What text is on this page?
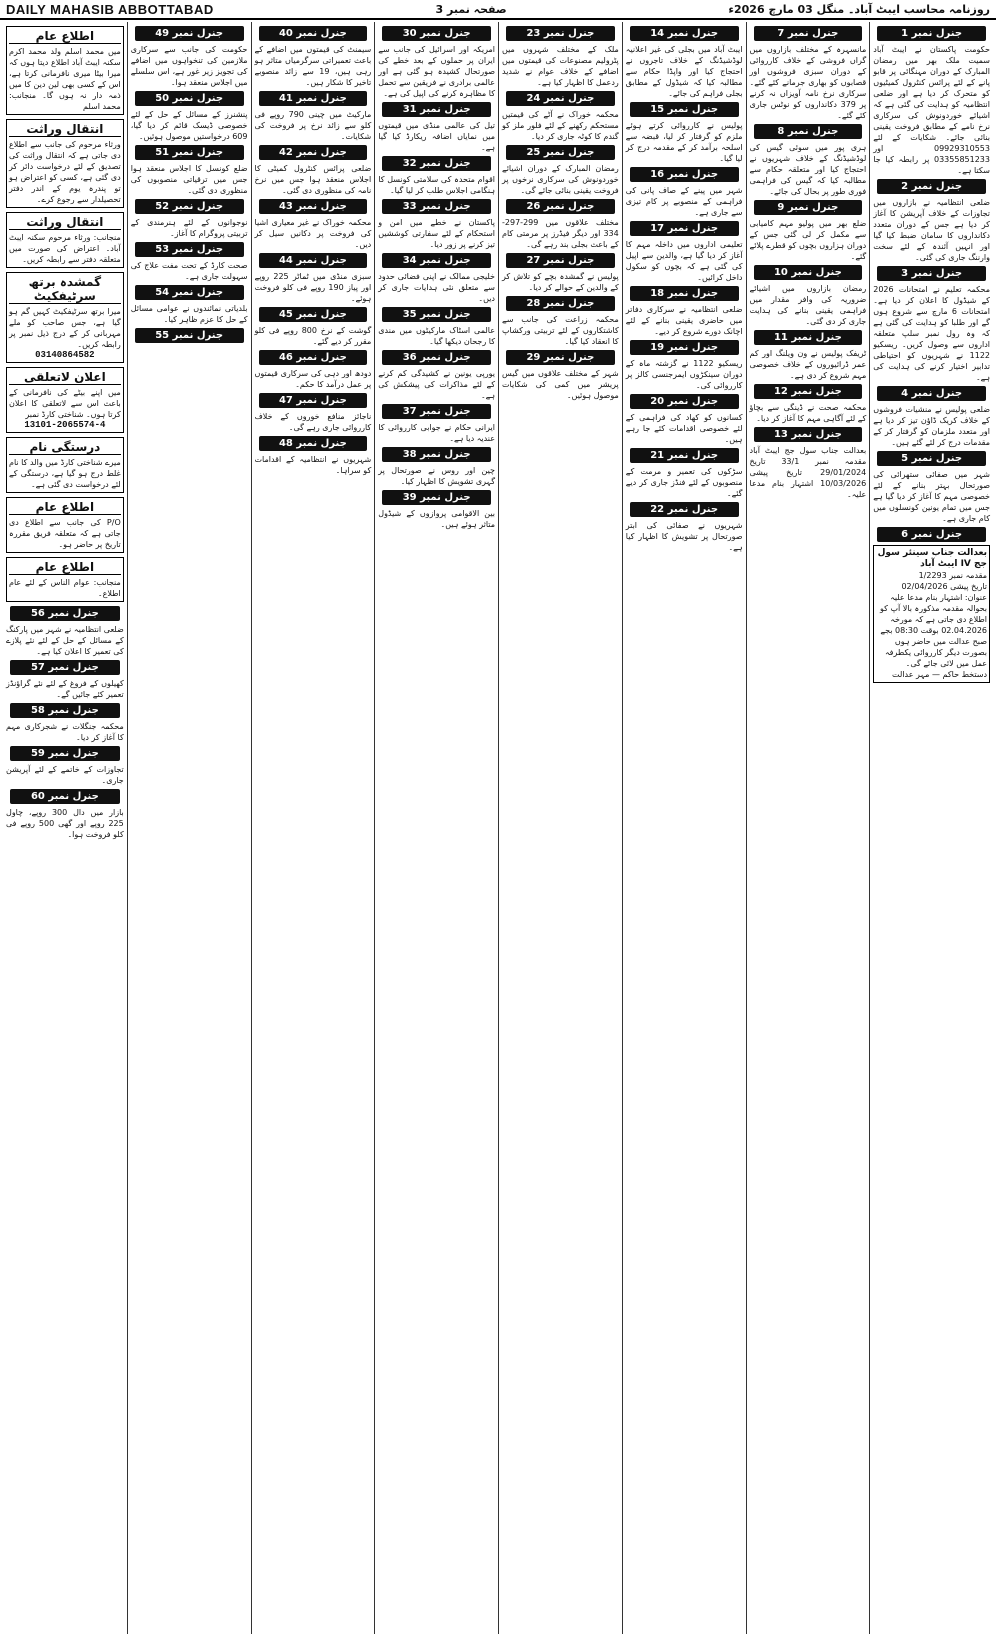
DAILY MAHASIB ABBOTTABAD	صفحہ نمبر 3	روزنامہ محاسب ایبٹ آباد۔ منگل 03 مارچ 2026ء
جنرل نمبر 1
حکومت پاکستان نے ایبٹ آباد سمیت ملک بھر میں رمضان المبارک کے دوران مہنگائی پر قابو پانے کے لئے پرائس کنٹرول کمیٹیوں کو متحرک کر دیا ہے اور ضلعی انتظامیہ کو ہدایت کی گئی ہے کہ اشیائے خوردونوش کی سرکاری نرخ نامے کے مطابق فروخت یقینی بنائی جائے۔ شکایات کے لئے 09929310553 اور 03355851233 پر رابطہ کیا جا سکتا ہے۔
جنرل نمبر 2
ضلعی انتظامیہ نے بازاروں میں تجاوزات کے خلاف آپریشن کا آغاز کر دیا ہے جس کے دوران متعدد دکانداروں کا سامان ضبط کیا گیا اور انہیں آئندہ کے لئے سخت وارننگ جاری کی گئی۔
جنرل نمبر 3
محکمہ تعلیم نے امتحانات 2026 کے شیڈول کا اعلان کر دیا ہے۔ امتحانات 6 مارچ سے شروع ہوں گے اور طلبا کو ہدایت کی گئی ہے کہ وہ رول نمبر سلپ متعلقہ اداروں سے وصول کریں۔ ریسکیو 1122 نے شہریوں کو احتیاطی تدابیر اختیار کرنے کی ہدایت کی ہے۔
جنرل نمبر 4
ضلعی پولیس نے منشیات فروشوں کے خلاف کریک ڈاؤن تیز کر دیا ہے اور متعدد ملزمان کو گرفتار کر کے مقدمات درج کر لئے گئے ہیں۔
جنرل نمبر 5
شہر میں صفائی ستھرائی کی صورتحال بہتر بنانے کے لئے خصوصی مہم کا آغاز کر دیا گیا ہے جس میں تمام یونین کونسلوں میں کام جاری ہے۔
جنرل نمبر 6
بعدالت جناب سینئر سول جج IV ایبٹ آباد
مقدمہ نمبر 1/2293
تاریخ پیشی 02/04/2026
عنوان: اشتہار بنام مدعا علیہ
بحوالہ مقدمہ مذکورہ بالا آپ کو اطلاع دی جاتی ہے کہ مورخہ 02.04.2026 بوقت 08:30 بجے صبح عدالت میں حاضر ہوں بصورت دیگر کارروائی یکطرفہ عمل میں لائی جائے گی۔
دستخط حاکم — مہر عدالت
جنرل نمبر 7
مانسہرہ کے مختلف بازاروں میں گراں فروشی کے خلاف کارروائی کے دوران سبزی فروشوں اور قصابوں کو بھاری جرمانے کئے گئے۔ سرکاری نرخ نامہ آویزاں نہ کرنے پر 379 دکانداروں کو نوٹس جاری کئے گئے۔
جنرل نمبر 8
ہری پور میں سوئی گیس کی لوڈشیڈنگ کے خلاف شہریوں نے احتجاج کیا اور متعلقہ حکام سے مطالبہ کیا کہ گیس کی فراہمی فوری طور پر بحال کی جائے۔
جنرل نمبر 9
ضلع بھر میں پولیو مہم کامیابی سے مکمل کر لی گئی جس کے دوران ہزاروں بچوں کو قطرے پلائے گئے۔
جنرل نمبر 10
رمضان بازاروں میں اشیائے ضروریہ کی وافر مقدار میں فراہمی یقینی بنانے کی ہدایت جاری کر دی گئی۔
جنرل نمبر 11
ٹریفک پولیس نے ون ویلنگ اور کم عمر ڈرائیوروں کے خلاف خصوصی مہم شروع کر دی ہے۔
جنرل نمبر 12
محکمہ صحت نے ڈینگی سے بچاؤ کے لئے آگاہی مہم کا آغاز کر دیا۔
جنرل نمبر 13
بعدالت جناب سول جج ایبٹ آباد مقدمہ نمبر 33/1 تاریخ 29/01/2024 تاریخ پیشی 10/03/2026 اشتہار بنام مدعا علیہ۔
جنرل نمبر 14
ایبٹ آباد میں بجلی کی غیر اعلانیہ لوڈشیڈنگ کے خلاف تاجروں نے احتجاج کیا اور واپڈا حکام سے مطالبہ کیا کہ شیڈول کے مطابق بجلی فراہم کی جائے۔
جنرل نمبر 15
پولیس نے کارروائی کرتے ہوئے ملزم کو گرفتار کر لیا، قبضہ سے اسلحہ برآمد کر کے مقدمہ درج کر لیا گیا۔
جنرل نمبر 16
شہر میں پینے کے صاف پانی کی فراہمی کے منصوبے پر کام تیزی سے جاری ہے۔
جنرل نمبر 17
تعلیمی اداروں میں داخلہ مہم کا آغاز کر دیا گیا ہے، والدین سے اپیل کی گئی ہے کہ بچوں کو سکول داخل کرائیں۔
جنرل نمبر 18
ضلعی انتظامیہ نے سرکاری دفاتر میں حاضری یقینی بنانے کے لئے اچانک دورے شروع کر دیے۔
جنرل نمبر 19
ریسکیو 1122 نے گزشتہ ماہ کے دوران سینکڑوں ایمرجنسی کالز پر کارروائی کی۔
جنرل نمبر 20
کسانوں کو کھاد کی فراہمی کے لئے خصوصی اقدامات کئے جا رہے ہیں۔
جنرل نمبر 21
سڑکوں کی تعمیر و مرمت کے منصوبوں کے لئے فنڈز جاری کر دیے گئے۔
جنرل نمبر 22
شہریوں نے صفائی کی ابتر صورتحال پر تشویش کا اظہار کیا ہے۔
جنرل نمبر 23
ملک کے مختلف شہروں میں پٹرولیم مصنوعات کی قیمتوں میں اضافے کے خلاف عوام نے شدید ردعمل کا اظہار کیا ہے۔
جنرل نمبر 24
محکمہ خوراک نے آٹے کی قیمتیں مستحکم رکھنے کے لئے فلور ملز کو گندم کا کوٹہ جاری کر دیا۔
جنرل نمبر 25
رمضان المبارک کے دوران اشیائے خوردونوش کی سرکاری نرخوں پر فروخت یقینی بنائی جائے گی۔
جنرل نمبر 26
مختلف علاقوں میں 299-297-334 اور دیگر فیڈرز پر مرمتی کام کے باعث بجلی بند رہے گی۔
جنرل نمبر 27
پولیس نے گمشدہ بچے کو تلاش کر کے والدین کے حوالے کر دیا۔
جنرل نمبر 28
محکمہ زراعت کی جانب سے کاشتکاروں کے لئے تربیتی ورکشاپ کا انعقاد کیا گیا۔
جنرل نمبر 29
شہر کے مختلف علاقوں میں گیس پریشر میں کمی کی شکایات موصول ہوئیں۔
جنرل نمبر 30
امریکہ اور اسرائیل کی جانب سے ایران پر حملوں کے بعد خطے کی صورتحال کشیدہ ہو گئی ہے اور عالمی برادری نے فریقین سے تحمل کا مظاہرہ کرنے کی اپیل کی ہے۔
جنرل نمبر 31
تیل کی عالمی منڈی میں قیمتوں میں نمایاں اضافہ ریکارڈ کیا گیا ہے۔
جنرل نمبر 32
اقوام متحدہ کی سلامتی کونسل کا ہنگامی اجلاس طلب کر لیا گیا۔
جنرل نمبر 33
پاکستان نے خطے میں امن و استحکام کے لئے سفارتی کوششیں تیز کرنے پر زور دیا۔
جنرل نمبر 34
خلیجی ممالک نے اپنی فضائی حدود سے متعلق نئی ہدایات جاری کر دیں۔
جنرل نمبر 35
عالمی اسٹاک مارکیٹوں میں مندی کا رجحان دیکھا گیا۔
جنرل نمبر 36
یورپی یونین نے کشیدگی کم کرنے کے لئے مذاکرات کی پیشکش کی ہے۔
جنرل نمبر 37
ایرانی حکام نے جوابی کارروائی کا عندیہ دیا ہے۔
جنرل نمبر 38
چین اور روس نے صورتحال پر گہری تشویش کا اظہار کیا۔
جنرل نمبر 39
بین الاقوامی پروازوں کے شیڈول متاثر ہوئے ہیں۔
جنرل نمبر 40
سیمنٹ کی قیمتوں میں اضافے کے باعث تعمیراتی سرگرمیاں متاثر ہو رہی ہیں، 19 سے زائد منصوبے تاخیر کا شکار ہیں۔
جنرل نمبر 41
مارکیٹ میں چینی 790 روپے فی کلو سے زائد نرخ پر فروخت کی شکایات۔
جنرل نمبر 42
ضلعی پرائس کنٹرول کمیٹی کا اجلاس منعقد ہوا جس میں نرخ نامہ کی منظوری دی گئی۔
جنرل نمبر 43
محکمہ خوراک نے غیر معیاری اشیا کی فروخت پر دکانیں سیل کر دیں۔
جنرل نمبر 44
سبزی منڈی میں ٹماٹر 225 روپے اور پیاز 190 روپے فی کلو فروخت ہوئے۔
جنرل نمبر 45
گوشت کے نرخ 800 روپے فی کلو مقرر کر دیے گئے۔
جنرل نمبر 46
دودھ اور دہی کی سرکاری قیمتوں پر عمل درآمد کا حکم۔
جنرل نمبر 47
ناجائز منافع خوروں کے خلاف کارروائی جاری رہے گی۔
جنرل نمبر 48
شہریوں نے انتظامیہ کے اقدامات کو سراہا۔
جنرل نمبر 49
حکومت کی جانب سے سرکاری ملازمین کی تنخواہوں میں اضافے کی تجویز زیر غور ہے، اس سلسلے میں اجلاس منعقد ہوا۔
جنرل نمبر 50
پنشنرز کے مسائل کے حل کے لئے خصوصی ڈیسک قائم کر دیا گیا، 609 درخواستیں موصول ہوئیں۔
جنرل نمبر 51
ضلع کونسل کا اجلاس منعقد ہوا جس میں ترقیاتی منصوبوں کی منظوری دی گئی۔
جنرل نمبر 52
نوجوانوں کے لئے ہنرمندی کے تربیتی پروگرام کا آغاز۔
جنرل نمبر 53
صحت کارڈ کے تحت مفت علاج کی سہولت جاری ہے۔
جنرل نمبر 54
بلدیاتی نمائندوں نے عوامی مسائل کے حل کا عزم ظاہر کیا۔
جنرل نمبر 55
اطلاع عام
میں محمد اسلم ولد محمد اکرم سکنہ ایبٹ آباد اطلاع دیتا ہوں کہ میرا بیٹا میری نافرمانی کرتا ہے، اس کے کسی بھی لین دین کا میں ذمہ دار نہ ہوں گا۔ منجانب: محمد اسلم
انتقال وراثت
ورثاء مرحوم کی جانب سے اطلاع دی جاتی ہے کہ انتقال وراثت کی تصدیق کے لئے درخواست دائر کر دی گئی ہے، کسی کو اعتراض ہو تو پندرہ یوم کے اندر دفتر تحصیلدار سے رجوع کرے۔
انتقال وراثت
منجانب: ورثاء مرحوم سکنہ ایبٹ آباد۔ اعتراض کی صورت میں متعلقہ دفتر سے رابطہ کریں۔
گمشدہ برتھ سرٹیفکیٹ
میرا برتھ سرٹیفکیٹ کہیں گم ہو گیا ہے، جس صاحب کو ملے مہربانی کر کے درج ذیل نمبر پر رابطہ کریں۔
03140864582
اعلان لاتعلقی
میں اپنے بیٹے کی نافرمانی کے باعث اس سے لاتعلقی کا اعلان کرتا ہوں۔ شناختی کارڈ نمبر
13101-2065574-4
درستگی نام
میرے شناختی کارڈ میں والد کا نام غلط درج ہو گیا ہے، درستگی کے لئے درخواست دی گئی ہے۔
اطلاع عام
P/O کی جانب سے اطلاع دی جاتی ہے کہ متعلقہ فریق مقررہ تاریخ پر حاضر ہو۔
اطلاع عام
منجانب: عوام الناس کے لئے عام اطلاع۔
جنرل نمبر 56
ضلعی انتظامیہ نے شہر میں پارکنگ کے مسائل کے حل کے لئے نئے پلازے کی تعمیر کا اعلان کیا ہے۔
جنرل نمبر 57
کھیلوں کے فروغ کے لئے نئے گراؤنڈز تعمیر کئے جائیں گے۔
جنرل نمبر 58
محکمہ جنگلات نے شجرکاری مہم کا آغاز کر دیا۔
جنرل نمبر 59
تجاوزات کے خاتمے کے لئے آپریشن جاری۔
جنرل نمبر 60
بازار میں دال 300 روپے، چاول 225 روپے اور گھی 500 روپے فی کلو فروخت ہوا۔
